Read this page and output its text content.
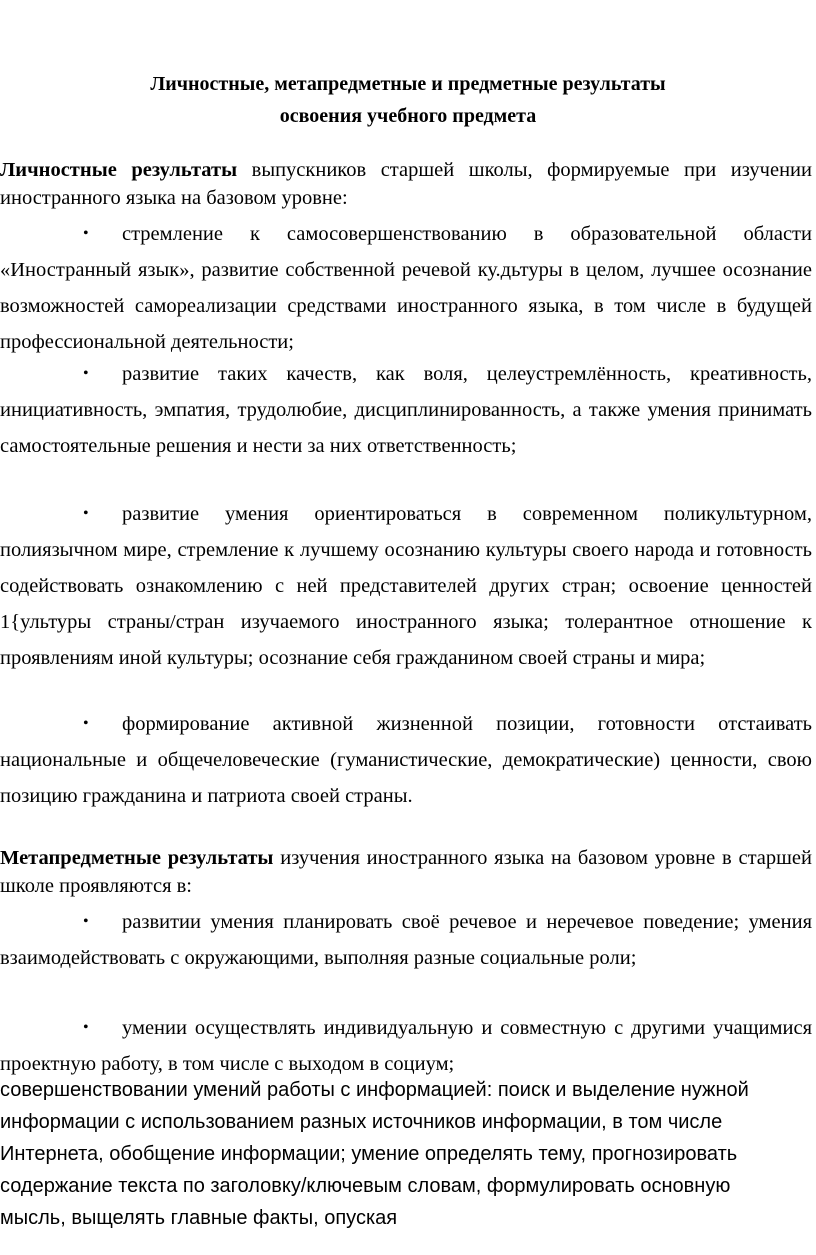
Личностные, метапредметные и предметные результаты
освоения учебного предмета
Личностные результаты выпускников старшей школы, формируемые при изучении иностранного языка на базовом уровне:
• стремление к самосовершенствованию в образовательной области «Иностранный язык», развитие собственной речевой ку.дьтуры в целом, лучшее осознание возможностей самореализации средствами иностранного языка, в том числе в будущей профессиональной деятельности;
• развитие таких качеств, как воля, целеустремлённость, креативность, инициативность, эмпатия, трудолюбие, дисциплинированность, а также умения принимать самостоятельные решения и нести за них ответственность;
• развитие умения ориентироваться в современном поликультурном, полиязычном мире, стремление к лучшему осознанию культуры своего народа и готовность содействовать ознакомлению с ней представителей других стран; освоение ценностей 1{ультуры страны/стран изучаемого иностранного языка; толерантное отношение к проявлениям иной культуры; осознание себя гражданином своей страны и мира;
• формирование активной жизненной позиции, готовности отстаивать национальные и общечеловеческие (гуманистические, демократические) ценности, свою позицию гражданина и патриота своей страны.
Метапредметные результаты изучения иностранного языка на базовом уровне в старшей школе проявляются в:
• развитии умения планировать своё речевое и неречевое поведение; умения взаимодействовать с окружающими, выполняя разные социальные роли;
• умении осуществлять индивидуальную и совместную с другими учащимися проектную работу, в том числе с выходом в социум;
совершенствовании умений работы с информацией: поиск и выделение нужной информации с использованием разных источников информации, в том числе Интернета, обобщение информации; умение определять тему, прогнозировать содержание текста по заголовку/ключевым словам, формулировать основную мысль, выщелять главные факты, опуская
